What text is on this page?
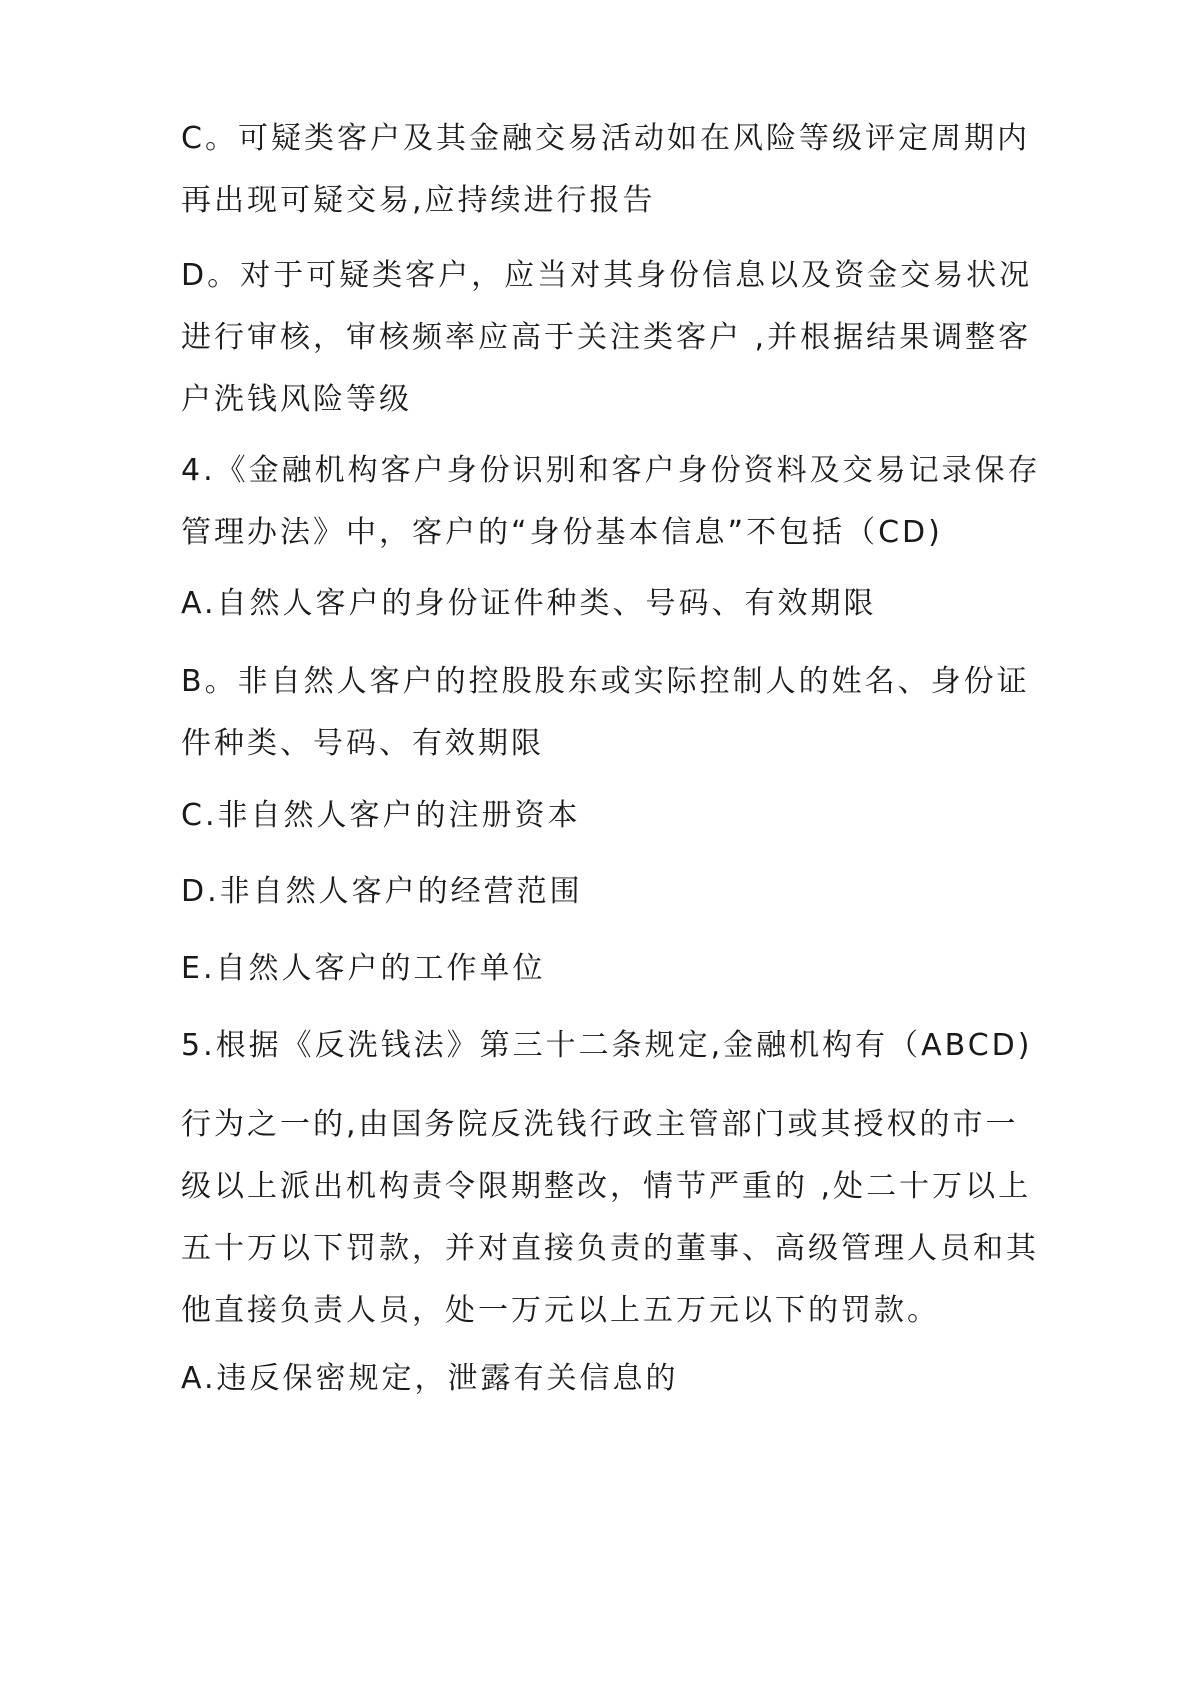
C。可疑类客户及其金融交易活动如在风险等级评定周期内
再出现可疑交易,应持续进行报告

D。对于可疑类客户，应当对其身份信息以及资金交易状况
进行审核，审核频率应高于关注类客户 ,并根据结果调整客
户洗钱风险等级

4.《金融机构客户身份识别和客户身份资料及交易记录保存
管理办法》中，客户的“身份基本信息”不包括（CD)

A.自然人客户的身份证件种类、号码、有效期限

B。非自然人客户的控股股东或实际控制人的姓名、身份证
件种类、号码、有效期限

C.非自然人客户的注册资本

D.非自然人客户的经营范围

E.自然人客户的工作单位

5.根据《反洗钱法》第三十二条规定,金融机构有（ABCD)

行为之一的,由国务院反洗钱行政主管部门或其授权的市一
级以上派出机构责令限期整改，情节严重的 ,处二十万以上
五十万以下罚款，并对直接负责的董事、高级管理人员和其
他直接负责人员，处一万元以上五万元以下的罚款。

A.违反保密规定，泄露有关信息的
